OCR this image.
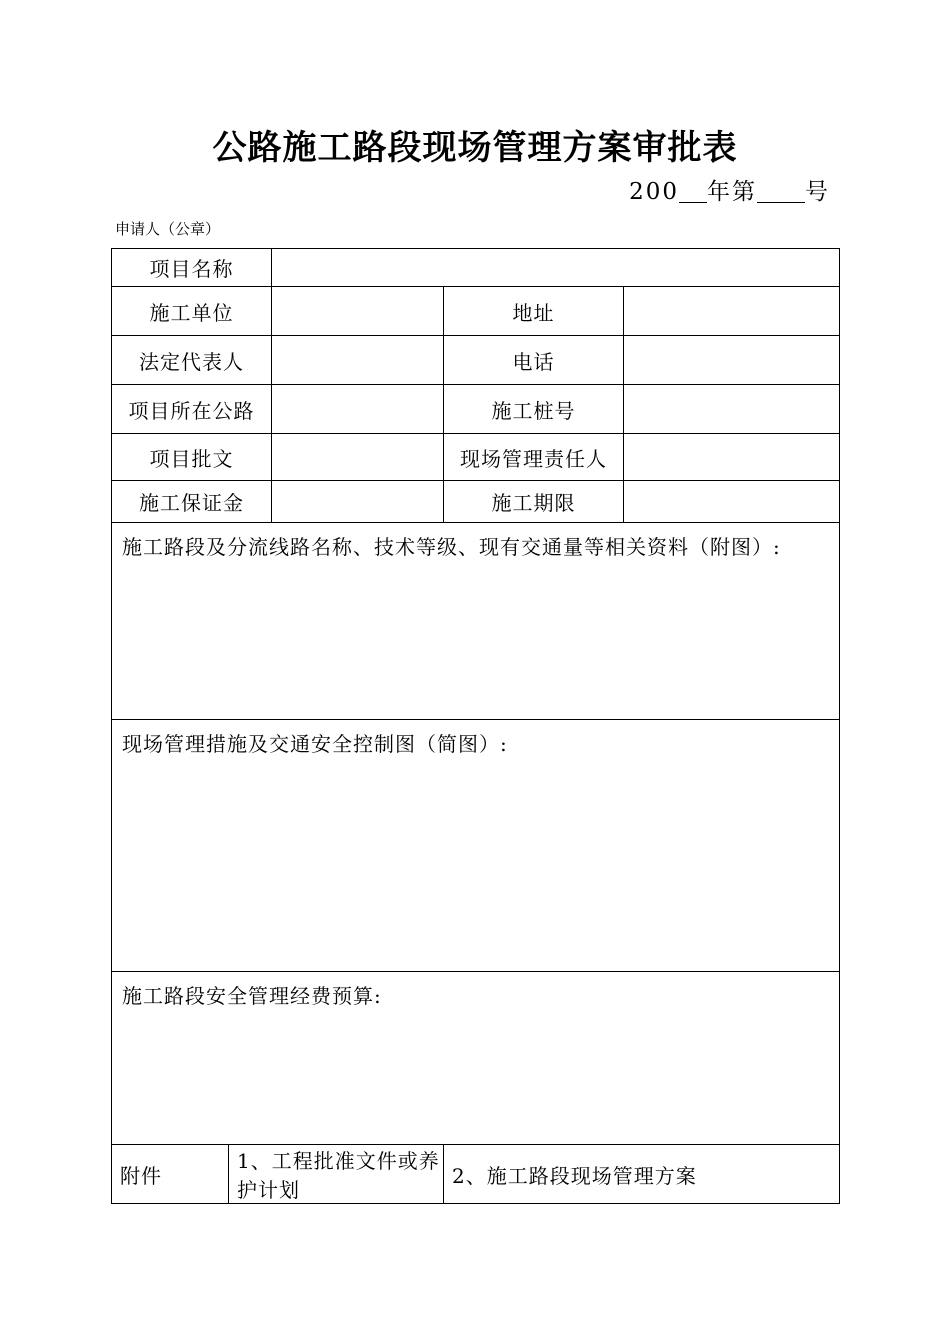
公路施工路段现场管理方案审批表
200 年第 号
申请人（公章）
项目名称				
施工单位			地址	
法定代表人			电话	
项目所在公路			施工桩号	
项目批文			现场管理责任人	
施工保证金			施工期限	
施工路段及分流线路名称、技术等级、现有交通量等相关资料（附图）:				
现场管理措施及交通安全控制图（简图）:				
施工路段安全管理经费预算:				
附件	1、工程批准文件或养护计划		2、施工路段现场管理方案	
